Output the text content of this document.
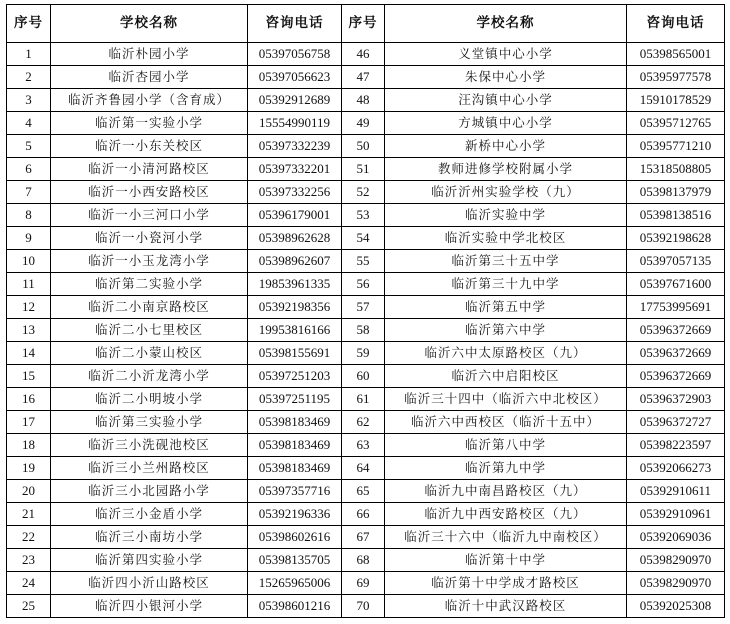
序号	学校名称	咨询电话	序号	学校名称	咨询电话
1	临沂朴园小学	05397056758	46	义堂镇中心小学	05398565001
2	临沂杏园小学	05397056623	47	朱保中心小学	05395977578
3	临沂齐鲁园小学（含育成）	05392912689	48	汪沟镇中心小学	15910178529
4	临沂第一实验小学	15554990119	49	方城镇中心小学	05395712765
5	临沂一小东关校区	05397332239	50	新桥中心小学	05395771210
6	临沂一小清河路校区	05397332201	51	教师进修学校附属小学	15318508805
7	临沂一小西安路校区	05397332256	52	临沂沂州实验学校（九）	05398137979
8	临沂一小三河口小学	05396179001	53	临沂实验中学	05398138516
9	临沂一小瓷河小学	05398962628	54	临沂实验中学北校区	05392198628
10	临沂一小玉龙湾小学	05398962607	55	临沂第三十五中学	05397057135
11	临沂第二实验小学	19853961335	56	临沂第三十九中学	05397671600
12	临沂二小南京路校区	05392198356	57	临沂第五中学	17753995691
13	临沂二小七里校区	19953816166	58	临沂第六中学	05396372669
14	临沂二小蒙山校区	05398155691	59	临沂六中太原路校区（九）	05396372669
15	临沂二小沂龙湾小学	05397251203	60	临沂六中启阳校区	05396372669
16	临沂二小明坡小学	05397251195	61	临沂三十四中（临沂六中北校区）	05396372903
17	临沂第三实验小学	05398183469	62	临沂六中西校区（临沂十五中）	05396372727
18	临沂三小洗砚池校区	05398183469	63	临沂第八中学	05398223597
19	临沂三小兰州路校区	05398183469	64	临沂第九中学	05392066273
20	临沂三小北园路小学	05397357716	65	临沂九中南昌路校区（九）	05392910611
21	临沂三小金盾小学	05392196336	66	临沂九中西安路校区（九）	05392910961
22	临沂三小南坊小学	05398602616	67	临沂三十六中（临沂九中南校区）	05392069036
23	临沂第四实验小学	05398135705	68	临沂第十中学	05398290970
24	临沂四小沂山路校区	15265965006	69	临沂第十中学成才路校区	05398290970
25	临沂四小银河小学	05398601216	70	临沂十中武汉路校区	05392025308
